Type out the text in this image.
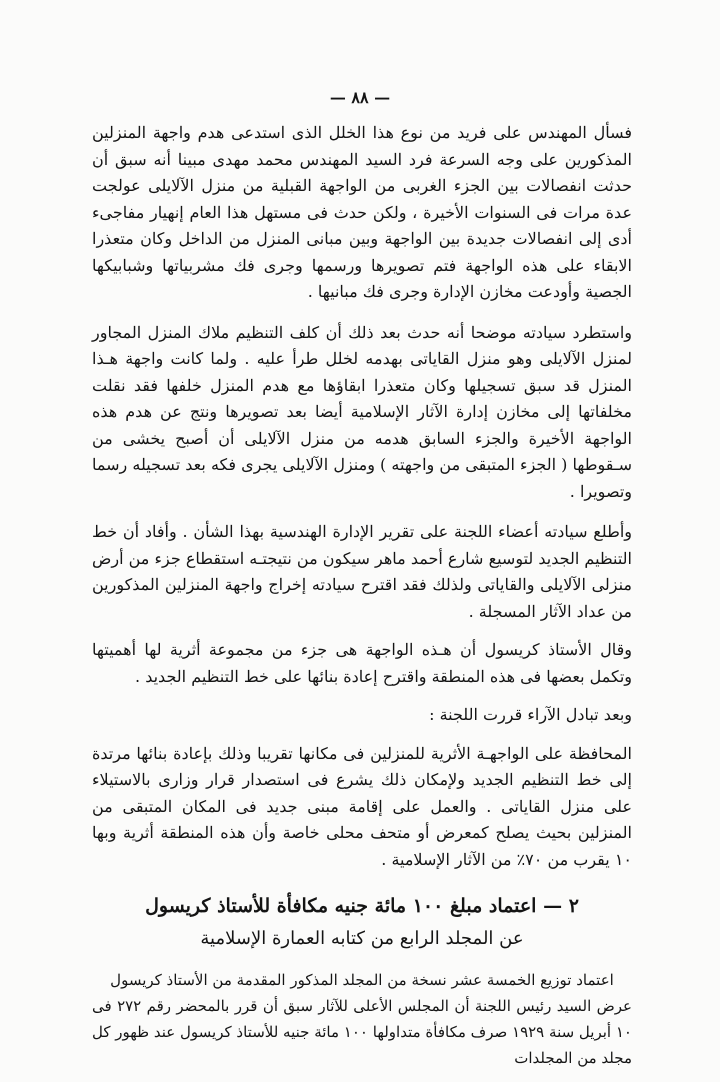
— ٨٨ —

فسأل المهندس على فريد من نوع هذا الخلل الذى استدعى هدم واجهة المنزلين المذكورين على وجه السرعة فرد السيد المهندس محمد مهدى مبينا أنه سبق أن حدثت انفصالات بين الجزء الغربى من الواجهة القبلية من منزل الآلايلى عولجت عدة مرات فى السنوات الأخيرة ، ولكن حدث فى مستهل هذا العام إنهيار مفاجىء أدى إلى انفصالات جديدة بين الواجهة وبين مبانى المنزل من الداخل وكان متعذرا الابقاء على هذه الواجهة فتم تصويرها ورسمها وجرى فك مشربياتها وشبابيكها الجصية وأودعت مخازن الإدارة وجرى فك مبانيها .

واستطرد سيادته موضحا أنه حدث بعد ذلك أن كلف التنظيم ملاك المنزل المجاور لمنزل الآلايلى وهو منزل القاياتى بهدمه لخلل طرأ عليه . ولما كانت واجهة هـذا المنزل قد سبق تسجيلها وكان متعذرا ابقاؤها مع هدم المنزل خلفها فقد نقلت مخلفاتها إلى مخازن إدارة الآثار الإسلامية أيضا بعد تصويرها ونتج عن هدم هذه الواجهة الأخيرة والجزء السابق هدمه من منزل الآلايلى أن أصبح يخشى من سـقوطها ( الجزء المتبقى من واجهته ) ومنزل الآلايلى يجرى فكه بعد تسجيله رسما وتصويرا .

وأطلع سيادته أعضاء اللجنة على تقرير الإدارة الهندسية بهذا الشأن . وأفاد أن خط التنظيم الجديد لتوسيع شارع أحمد ماهر سيكون من نتيجتـه استقطاع جزء من أرض منزلى الآلايلى والقاياتى ولذلك فقد اقترح سيادته إخراج واجهة المنزلين المذكورين من عداد الآثار المسجلة .

وقال الأستاذ كريسول أن هـذه الواجهة هى جزء من مجموعة أثرية لها أهميتها وتكمل بعضها فى هذه المنطقة واقترح إعادة بنائها على خط التنظيم الجديد .

وبعد تبادل الآراء قررت اللجنة :

المحافظة على الواجهـة الأثرية للمنزلين فى مكانها تقريبا وذلك بإعادة بنائها مرتدة إلى خط التنظيم الجديد ولإمكان ذلك يشرع فى استصدار قرار وزارى بالاستيلاء على منزل القاياتى . والعمل على إقامة مبنى جديد فى المكان المتبقى من المنزلين بحيث يصلح كمعرض أو متحف محلى خاصة وأن هذه المنطقة أثرية وبها ١٠ يقرب من ٧٠٪ من الآثار الإسلامية .

٢ — اعتماد مبلغ ١٠٠ مائة جنيه مكافأة للأستاذ كريسول

عن المجلد الرابع من كتابه العمارة الإسلامية

اعتماد توزيع الخمسة عشر نسخة من المجلد المذكور المقدمة من الأستاذ كريسول

عرض السيد رئيس اللجنة أن المجلس الأعلى للآثار سبق أن قرر بالمحضر رقم ٢٧٢ فى ١٠ أبريل سنة ١٩٢٩ صرف مكافأة متداولها ١٠٠ مائة جنيه للأستاذ كريسول عند ظهور كل مجلد من المجلدات
